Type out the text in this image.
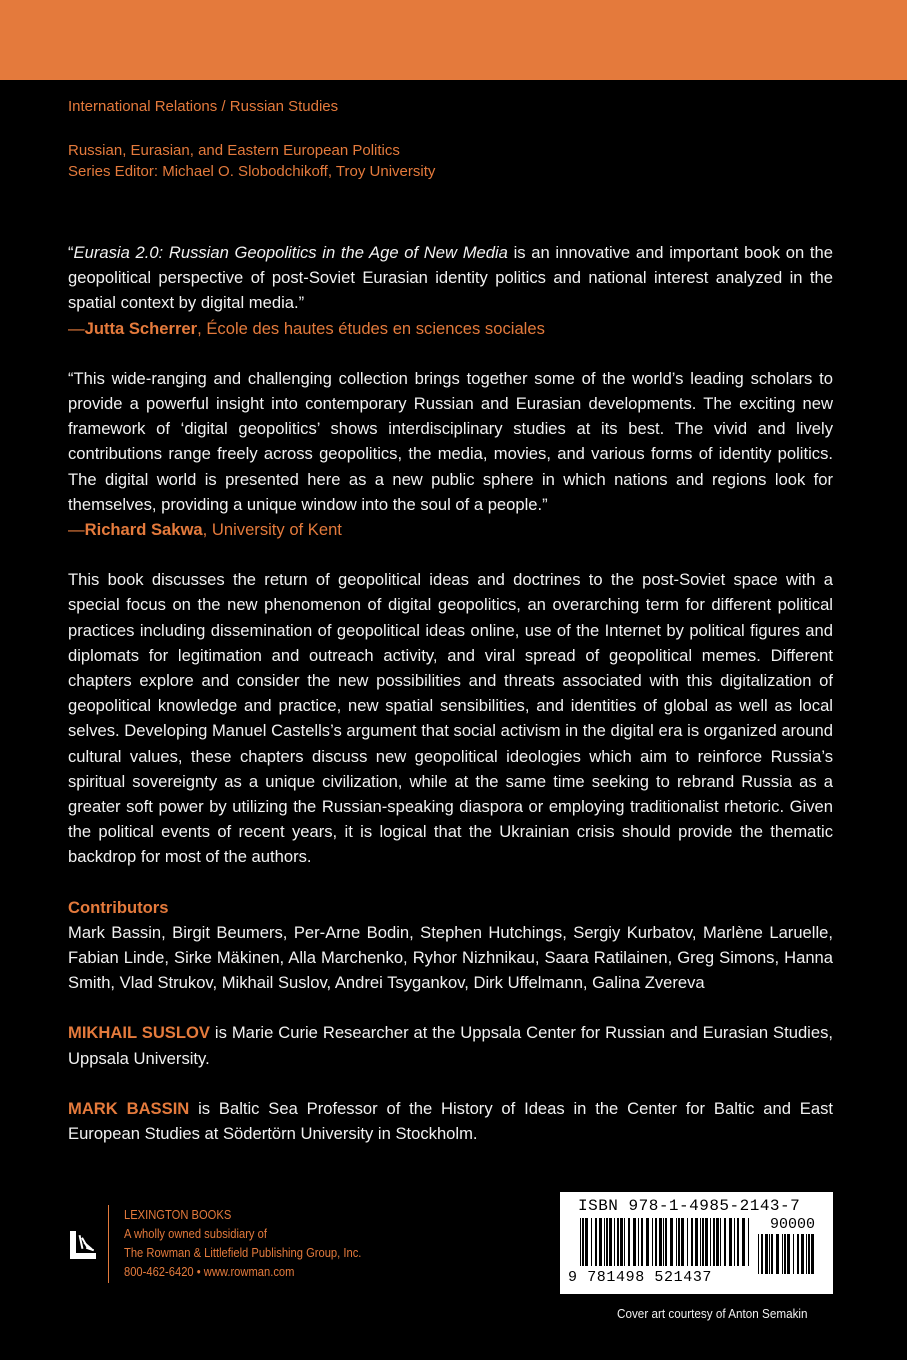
International Relations / Russian Studies
Russian, Eurasian, and Eastern European Politics
Series Editor: Michael O. Slobodchikoff, Troy University

“Eurasia 2.0: Russian Geopolitics in the Age of New Media is an innovative and important book on the geopolitical perspective of post-Soviet Eurasian identity politics and national interest analyzed in the spatial context by digital media.”

—Jutta Scherrer, École des hautes études en sciences sociales

“This wide-ranging and challenging collection brings together some of the world’s leading scholars to provide a powerful insight into contemporary Russian and Eurasian developments. The exciting new framework of ‘digital geopolitics’ shows interdisciplinary studies at its best. The vivid and lively contributions range freely across geopolitics, the media, movies, and various forms of identity politics. The digital world is presented here as a new public sphere in which nations and regions look for themselves, providing a unique window into the soul of a people.”

—Richard Sakwa, University of Kent

This book discusses the return of geopolitical ideas and doctrines to the post-Soviet space with a special focus on the new phenomenon of digital geopolitics, an overarching term for different political practices including dissemination of geopolitical ideas online, use of the Internet by political figures and diplomats for legitimation and outreach activity, and viral spread of geopolitical memes. Different chapters explore and consider the new possibilities and threats associated with this digitalization of geopolitical knowledge and practice, new spatial sensibilities, and identities of global as well as local selves. Developing Manuel Castells’s argument that social activism in the digital era is organized around cultural values, these chapters discuss new geopolitical ideologies which aim to reinforce Russia’s spiritual sovereignty as a unique civilization, while at the same time seeking to rebrand Russia as a greater soft power by utilizing the Russian-speaking diaspora or employing traditionalist rhetoric. Given the political events of recent years, it is logical that the Ukrainian crisis should provide the thematic backdrop for most of the authors.

Contributors

Mark Bassin, Birgit Beumers, Per-Arne Bodin, Stephen Hutchings, Sergiy Kurbatov, Marlène Laruelle, Fabian Linde, Sirke Mäkinen, Alla Marchenko, Ryhor Nizhnikau, Saara Ratilainen, Greg Simons, Hanna Smith, Vlad Strukov, Mikhail Suslov, Andrei Tsygankov, Dirk Uffelmann, Galina Zvereva

MIKHAIL SUSLOV is Marie Curie Researcher at the Uppsala Center for Russian and Eurasian Studies, Uppsala University.

MARK BASSIN is Baltic Sea Professor of the History of Ideas in the Center for Baltic and East European Studies at Södertörn University in Stockholm.

LEXINGTON BOOKS
A wholly owned subsidiary of
The Rowman & Littlefield Publishing Group, Inc.
800-462-6420 • www.rowman.com
ISBN 978-1-4985-2143-7
90000
9 781498 521437
Cover art courtesy of Anton Semakin
